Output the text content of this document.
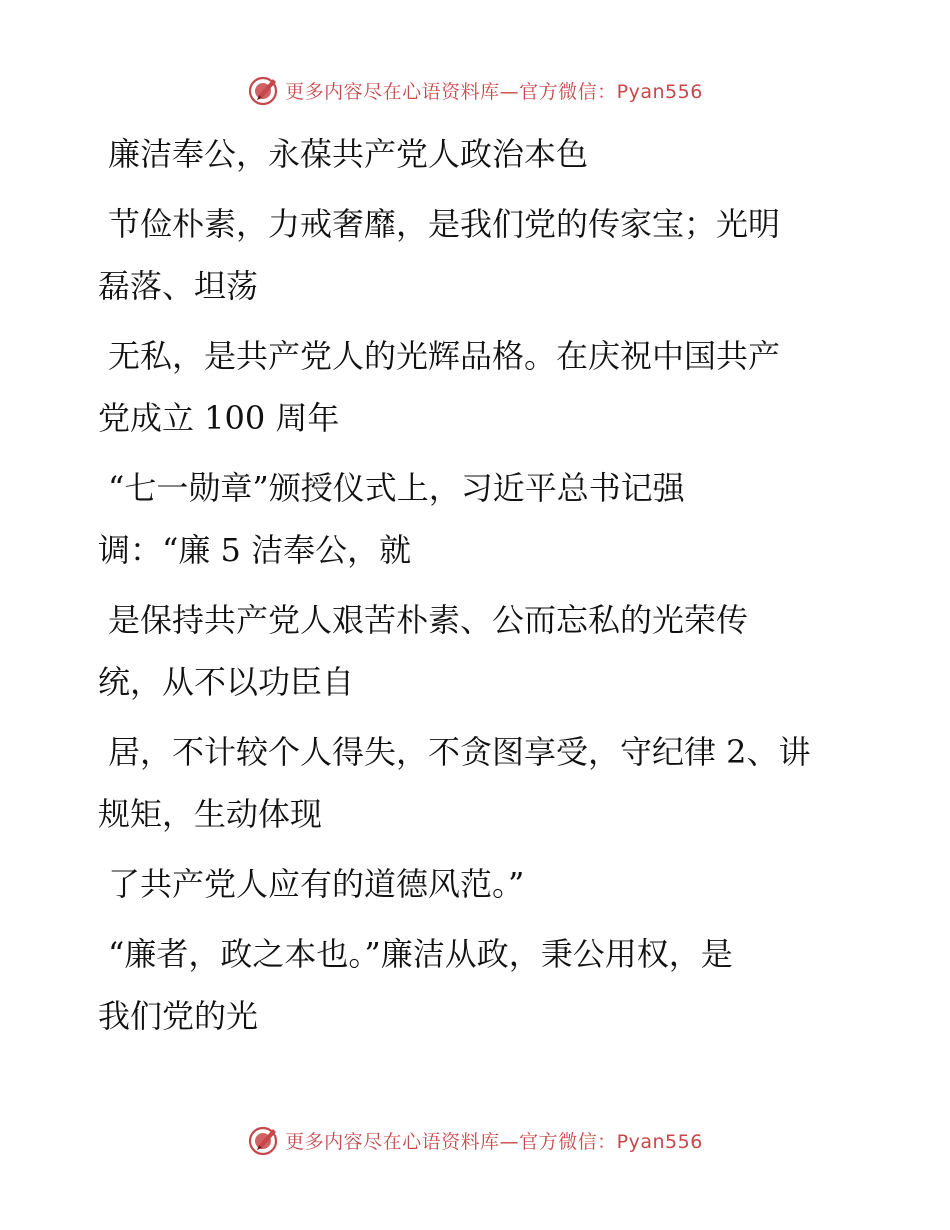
更多内容尽在心语资料库—官方微信：Pyan556

廉洁奉公，永葆共产党人政治本色

节俭朴素，力戒奢靡，是我们党的传家宝；光明
磊落、坦荡

无私，是共产党人的光辉品格。在庆祝中国共产
党成立 100 周年

“七一勋章”颁授仪式上，习近平总书记强
调：“廉 5 洁奉公，就

是保持共产党人艰苦朴素、公而忘私的光荣传
统，从不以功臣自

居，不计较个人得失，不贪图享受，守纪律 2、讲
规矩，生动体现

了共产党人应有的道德风范。”

“廉者，政之本也。”廉洁从政，秉公用权，是
我们党的光

更多内容尽在心语资料库—官方微信：Pyan556
